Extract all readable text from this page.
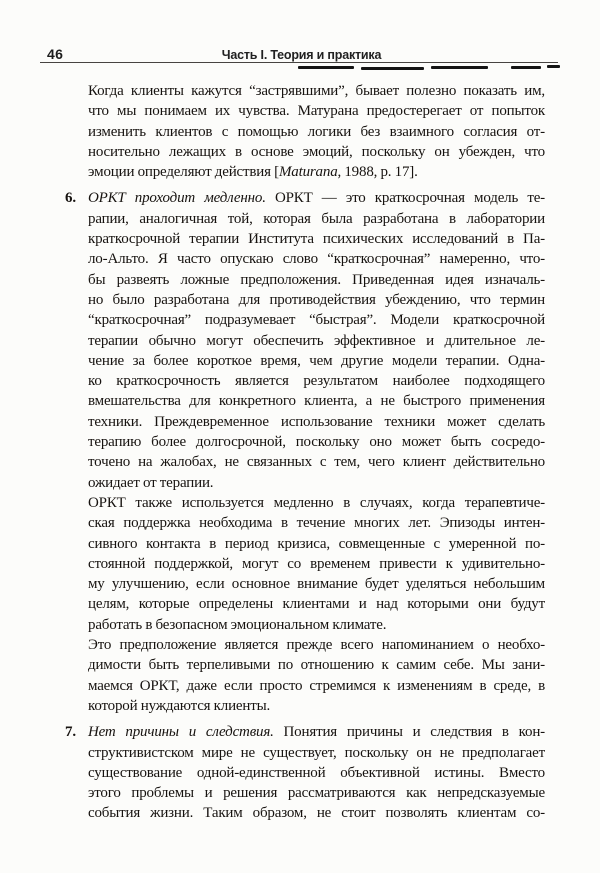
46	Часть I. Теория и практика
Когда клиенты кажутся “застрявшими”, бывает полезно показать им,
что мы понимаем их чувства. Матурана предостерегает от попыток
изменить клиентов с помощью логики без взаимного согласия от-
носительно лежащих в основе эмоций, поскольку он убежден, что
эмоции определяют действия [Maturana, 1988, p. 17].
6. ОРКТ проходит медленно. ОРКТ — это краткосрочная модель те-
рапии, аналогичная той, которая была разработана в лаборатории
краткосрочной терапии Института психических исследований в Па-
ло-Альто. Я часто опускаю слово “краткосрочная” намеренно, что-
бы развеять ложные предположения. Приведенная идея изначаль-
но было разработана для противодействия убеждению, что термин
“краткосрочная” подразумевает “быстрая”. Модели краткосрочной
терапии обычно могут обеспечить эффективное и длительное ле-
чение за более короткое время, чем другие модели терапии. Одна-
ко краткосрочность является результатом наиболее подходящего
вмешательства для конкретного клиента, а не быстрого применения
техники. Преждевременное использование техники может сделать
терапию более долгосрочной, поскольку оно может быть сосредо-
точено на жалобах, не связанных с тем, чего клиент действительно
ожидает от терапии.
ОРКТ также используется медленно в случаях, когда терапевтиче-
ская поддержка необходима в течение многих лет. Эпизоды интен-
сивного контакта в период кризиса, совмещенные с умеренной по-
стоянной поддержкой, могут со временем привести к удивительно-
му улучшению, если основное внимание будет уделяться небольшим
целям, которые определены клиентами и над которыми они будут
работать в безопасном эмоциональном климате.
Это предположение является прежде всего напоминанием о необхо-
димости быть терпеливыми по отношению к самим себе. Мы зани-
маемся ОРКТ, даже если просто стремимся к изменениям в среде, в
которой нуждаются клиенты.
7. Нет причины и следствия. Понятия причины и следствия в кон-
структивистском мире не существует, поскольку он не предполагает
существование одной-единственной объективной истины. Вместо
этого проблемы и решения рассматриваются как непредсказуемые
события жизни. Таким образом, не стоит позволять клиентам со-
